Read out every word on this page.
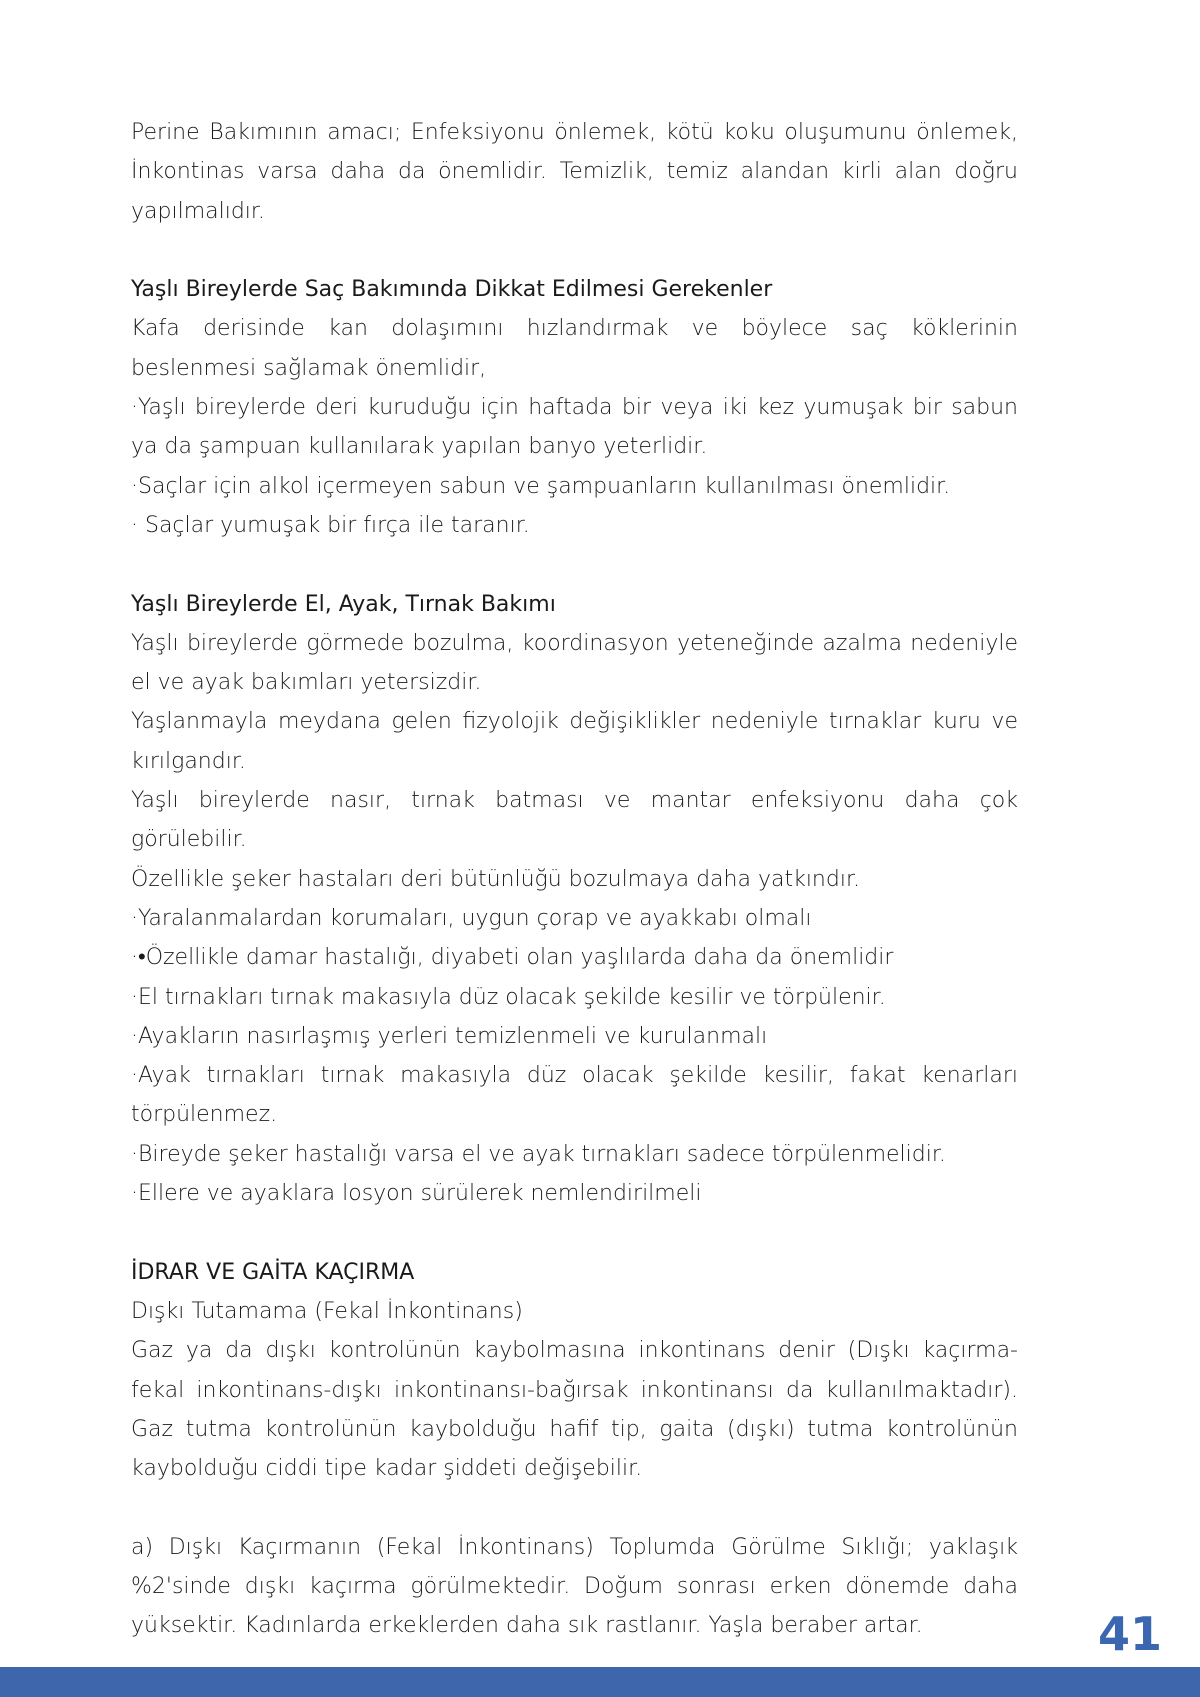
Perine Bakımının amacı; Enfeksiyonu önlemek, kötü koku oluşumunu önlemek, İnkontinas varsa daha da önemlidir. Temizlik, temiz alandan kirli alan doğru yapılmalıdır.

Yaşlı Bireylerde Saç Bakımında Dikkat Edilmesi Gerekenler

Kafa derisinde kan dolaşımını hızlandırmak ve böylece saç köklerinin beslenmesi sağlamak önemlidir,

·Yaşlı bireylerde deri kuruduğu için haftada bir veya iki kez yumuşak bir sabun ya da şampuan kullanılarak yapılan banyo yeterlidir.

·Saçlar için alkol içermeyen sabun ve şampuanların kullanılması önemlidir.

· Saçlar yumuşak bir fırça ile taranır.

Yaşlı Bireylerde El, Ayak, Tırnak Bakımı

Yaşlı bireylerde görmede bozulma, koordinasyon yeteneğinde azalma nedeniyle el ve ayak bakımları yetersizdir.

Yaşlanmayla meydana gelen fizyolojik değişiklikler nedeniyle tırnaklar kuru ve kırılgandır.

Yaşlı bireylerde nasır, tırnak batması ve mantar enfeksiyonu daha çok görülebilir.

Özellikle şeker hastaları deri bütünlüğü bozulmaya daha yatkındır.

·Yaralanmalardan korumaları, uygun çorap ve ayakkabı olmalı

·•Özellikle damar hastalığı, diyabeti olan yaşlılarda daha da önemlidir

·El tırnakları tırnak makasıyla düz olacak şekilde kesilir ve törpülenir.

·Ayakların nasırlaşmış yerleri temizlenmeli ve kurulanmalı

·Ayak tırnakları tırnak makasıyla düz olacak şekilde kesilir, fakat kenarları törpülenmez.

·Bireyde şeker hastalığı varsa el ve ayak tırnakları sadece törpülenmelidir.

·Ellere ve ayaklara losyon sürülerek nemlendirilmeli

İDRAR VE GAİTA KAÇIRMA

Dışkı Tutamama (Fekal İnkontinans)

Gaz ya da dışkı kontrolünün kaybolmasına inkontinans denir (Dışkı kaçırma-fekal inkontinans-dışkı inkontinansı-bağırsak inkontinansı da kullanılmaktadır). Gaz tutma kontrolünün kaybolduğu hafif tip, gaita (dışkı) tutma kontrolünün kaybolduğu ciddi tipe kadar şiddeti değişebilir.

a) Dışkı Kaçırmanın (Fekal İnkontinans) Toplumda Görülme Sıklığı; yaklaşık %2'sinde dışkı kaçırma görülmektedir. Doğum sonrası erken dönemde daha yüksektir. Kadınlarda erkeklerden daha sık rastlanır. Yaşla beraber artar.	41
